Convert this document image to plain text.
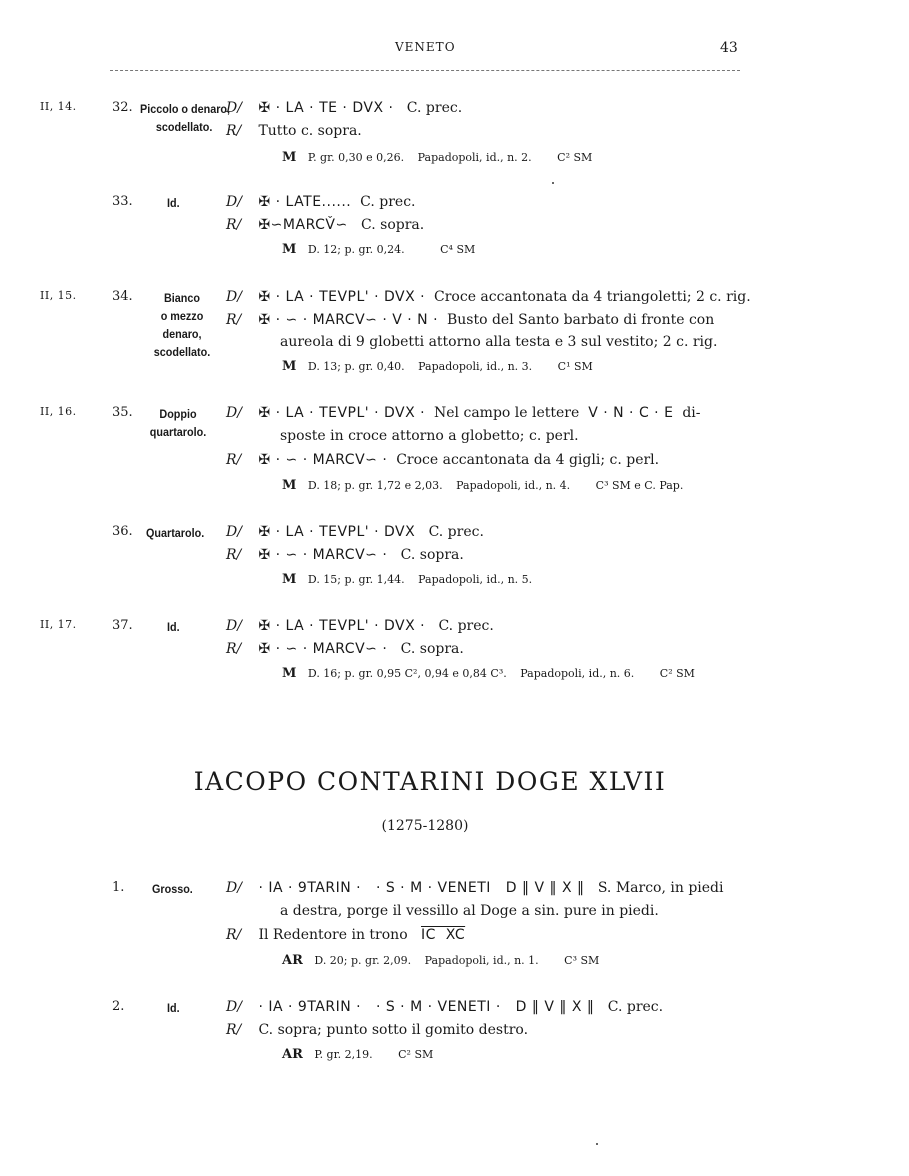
VENETO	43
II, 14.	32. Piccolo o denaro,
scodellato.
D/ ✠ · LA · TE · DVX · C. prec.
R/ Tutto c. sopra.
M P. gr. 0,30 e 0,26. Papadopoli, id., n. 2. C² SM
33.	Id.	D/ ✠ · LATE...... C. prec.
R/ ✠∽MARCV̌∽ C. sopra.
M D. 12; p. gr. 0,24.	C⁴ SM
II, 15.	34.	Bianco
o mezzo denaro,
scodellato.
D/ ✠ · LA · TEVPL' · DVX · Croce accantonata da 4 triangoletti; 2 c. rig.
R/ ✠ · ∽ · MARCV∽ · V · N · Busto del Santo barbato di fronte con
aureola di 9 globetti attorno alla testa e 3 sul vestito; 2 c. rig.
M D. 13; p. gr. 0,40. Papadopoli, id., n. 3. C¹ SM
II, 16.	35.	Doppio
quartarolo.
D/ ✠ · LA · TEVPL' · DVX · Nel campo le lettere V · N · C · E di-
sposte in croce attorno a globetto; c. perl.
R/ ✠ · ∽ · MARCV∽ · Croce accantonata da 4 gigli; c. perl.
M D. 18; p. gr. 1,72 e 2,03. Papadopoli, id., n. 4. C³ SM e C. Pap.
36. Quartarolo. D/ ✠ · LA · TEVPL' · DVX C. prec.
R/ ✠ · ∽ · MARCV∽ · C. sopra.
M D. 15; p. gr. 1,44. Papadopoli, id., n. 5.
II, 17.	37.	Id.	D/ ✠ · LA · TEVPL' · DVX · C. prec.
R/ ✠ · ∽ · MARCV∽ · C. sopra.
M D. 16; p. gr. 0,95 C², 0,94 e 0,84 C³. Papadopoli, id., n. 6. C² SM
IACOPO CONTARINI DOGE XLVII
(1275-1280)
1. Grosso. D/ · IA · 9TARIN ·   · S · M · VENETI   D ‖ V ‖ X ‖ S. Marco, in piedi
a destra, porge il vessillo al Doge a sin. pure in piedi.
R/ Il Redentore in trono IC  XC
AR D. 20; p. gr. 2,09. Papadopoli, id., n. 1. C³ SM
2.	Id.	D/ · IA · 9TARIN ·   · S · M · VENETI ·   D ‖ V ‖ X ‖ C. prec.
R/ C. sopra; punto sotto il gomito destro.
AR P. gr. 2,19. C² SM
